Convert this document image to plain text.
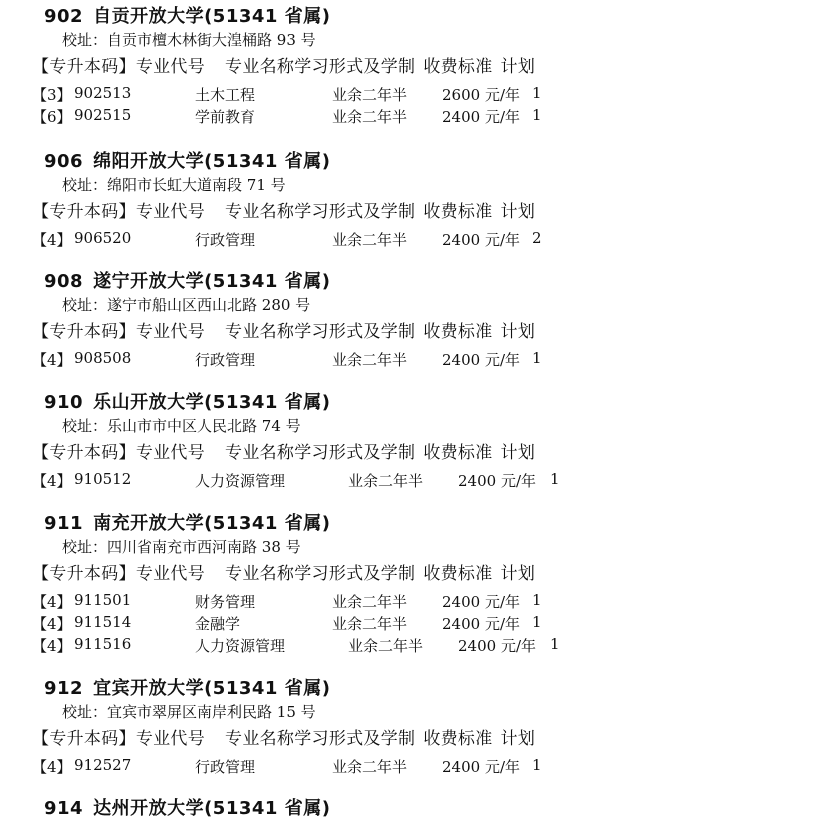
902 自贡开放大学(51341 省属)
校址：自贡市檀木林街大湟桶路 93 号
【专升本码】专业代号 专业名称学习形式及学制 收费标准 计划
【3】 902513	土木工程	业余二年半 2600 元/年 1
【6】 902515	学前教育	业余二年半 2400 元/年 1
906 绵阳开放大学(51341 省属)
校址：绵阳市长虹大道南段 71 号
【专升本码】专业代号 专业名称学习形式及学制 收费标准 计划
【4】 906520	行政管理	业余二年半 2400 元/年 2
908 遂宁开放大学(51341 省属)
校址：遂宁市船山区西山北路 280 号
【专升本码】专业代号 专业名称学习形式及学制 收费标准 计划
【4】 908508	行政管理	业余二年半 2400 元/年 1
910 乐山开放大学(51341 省属)
校址：乐山市市中区人民北路 74 号
【专升本码】专业代号 专业名称学习形式及学制 收费标准 计划
【4】 910512	人力资源管理	业余二年半 2400 元/年 1
911 南充开放大学(51341 省属)
校址：四川省南充市西河南路 38 号
【专升本码】专业代号 专业名称学习形式及学制 收费标准 计划
【4】 911501	财务管理	业余二年半 2400 元/年 1
【4】 911514	金融学	业余二年半 2400 元/年 1
【4】 911516	人力资源管理	业余二年半 2400 元/年 1
912 宜宾开放大学(51341 省属)
校址：宜宾市翠屏区南岸利民路 15 号
【专升本码】专业代号 专业名称学习形式及学制 收费标准 计划
【4】 912527	行政管理	业余二年半 2400 元/年 1
914 达州开放大学(51341 省属)
